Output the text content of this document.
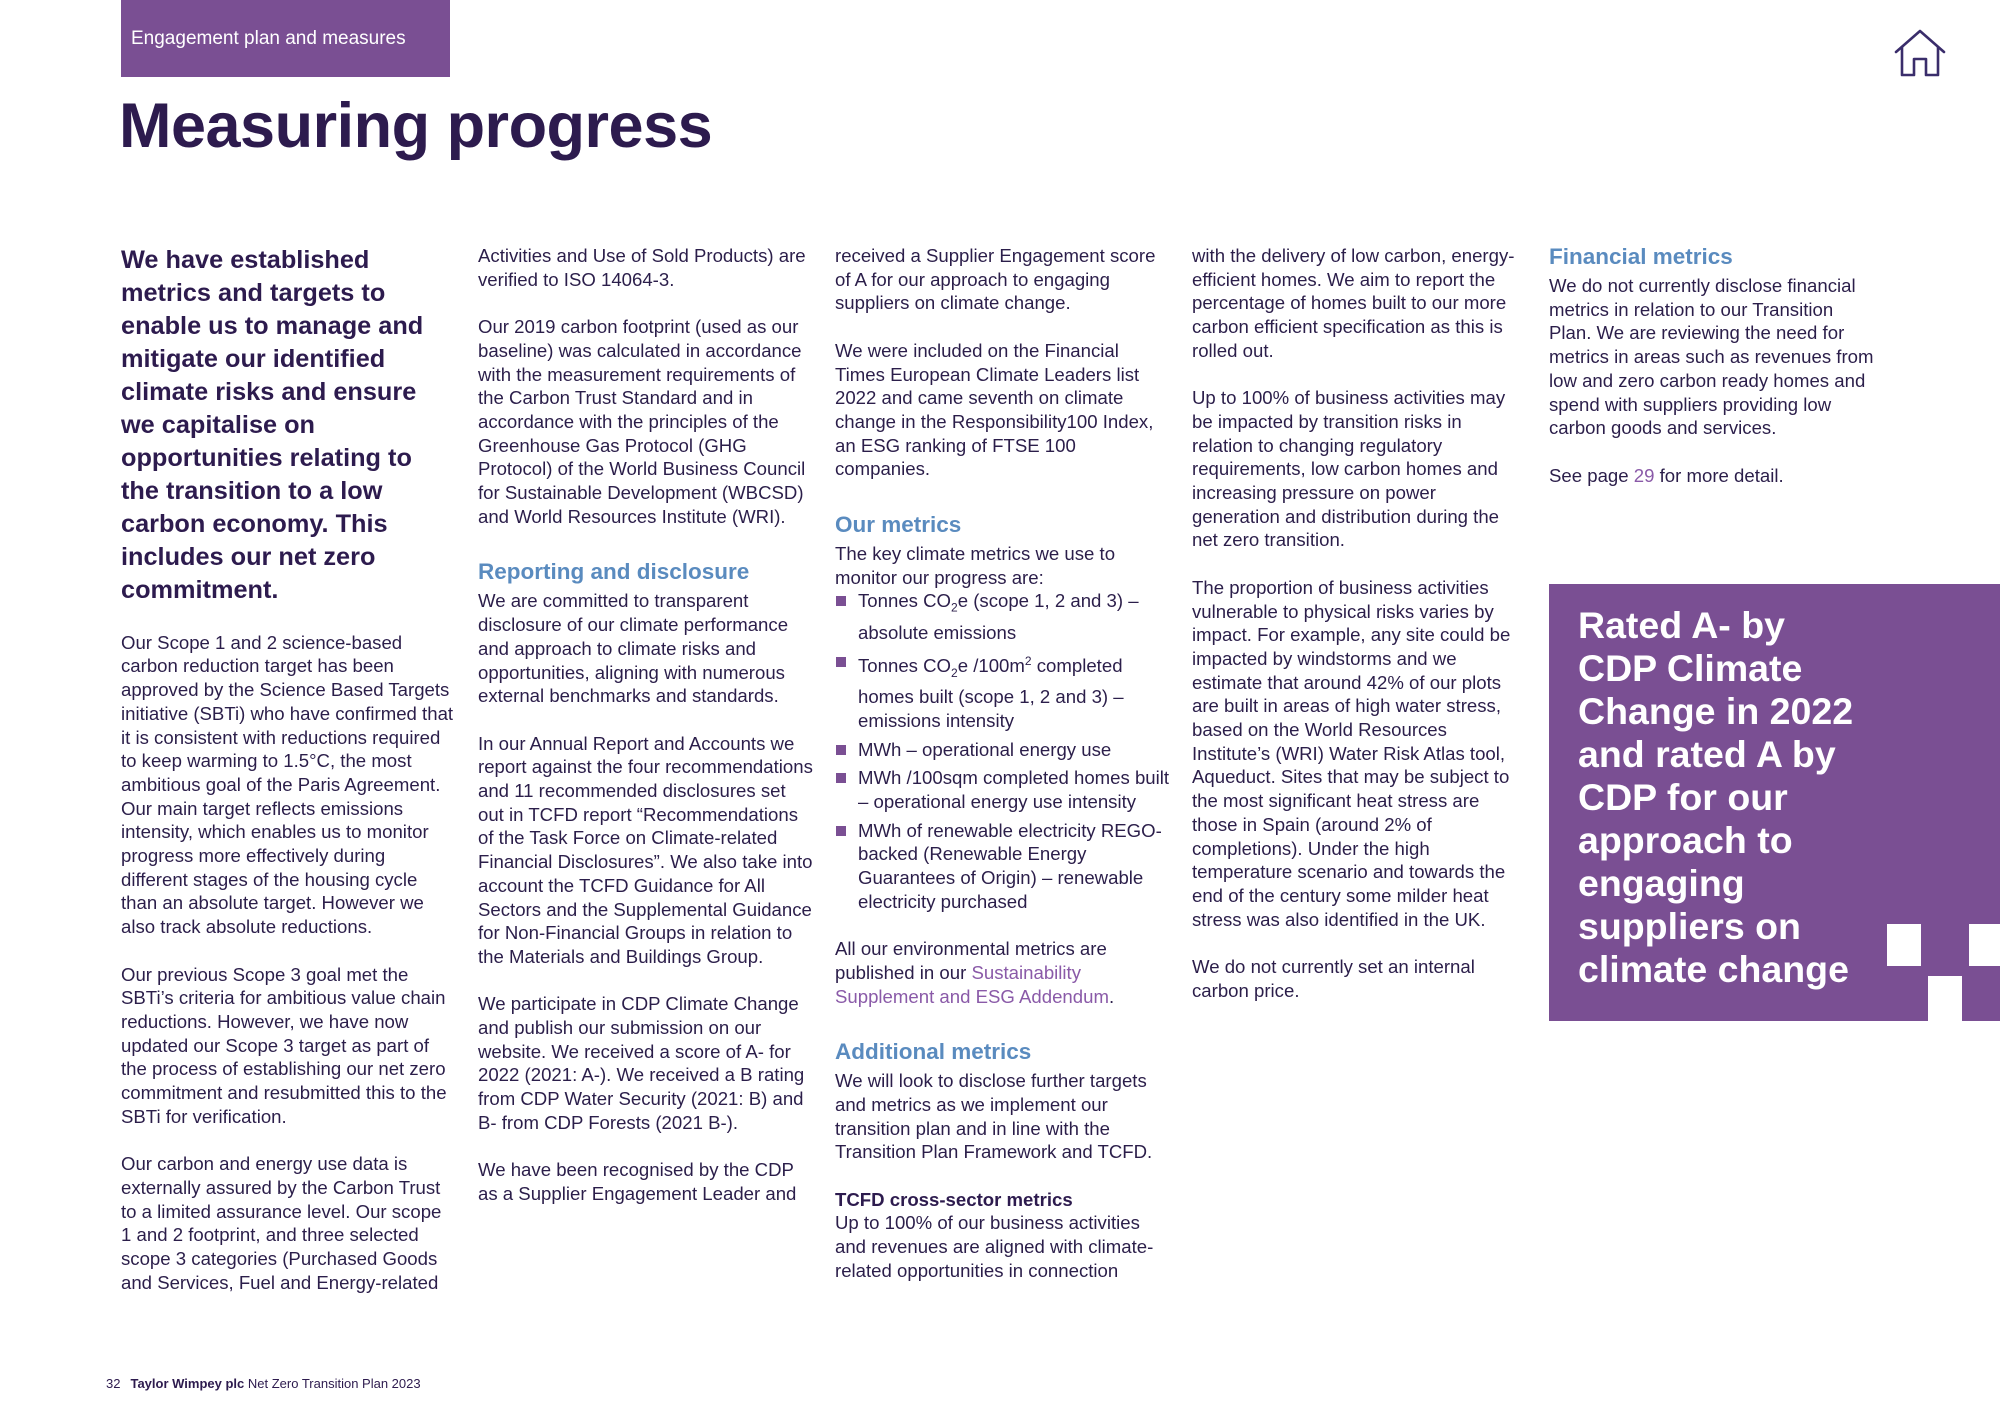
Engagement plan and measures
Measuring progress

We have established metrics and targets to enable us to manage and mitigate our identified climate risks and ensure we capitalise on opportunities relating to the transition to a low carbon economy. This includes our net zero commitment.

Our Scope 1 and 2 science-based carbon reduction target has been approved by the Science Based Targets initiative (SBTi) who have confirmed that it is consistent with reductions required to keep warming to 1.5°C, the most ambitious goal of the Paris Agreement. Our main target reflects emissions intensity, which enables us to monitor progress more effectively during different stages of the housing cycle than an absolute target. However we also track absolute reductions.

Our previous Scope 3 goal met the SBTi’s criteria for ambitious value chain reductions. However, we have now updated our Scope 3 target as part of the process of establishing our net zero commitment and resubmitted this to the SBTi for verification.

Our carbon and energy use data is externally assured by the Carbon Trust to a limited assurance level. Our scope 1 and 2 footprint, and three selected scope 3 categories (Purchased Goods and Services, Fuel and Energy-related

Activities and Use of Sold Products) are verified to ISO 14064-3.

Our 2019 carbon footprint (used as our baseline) was calculated in accordance with the measurement requirements of the Carbon Trust Standard and in accordance with the principles of the Greenhouse Gas Protocol (GHG Protocol) of the World Business Council for Sustainable Development (WBCSD) and World Resources Institute (WRI).

Reporting and disclosure

We are committed to transparent disclosure of our climate performance and approach to climate risks and opportunities, aligning with numerous external benchmarks and standards.

In our Annual Report and Accounts we report against the four recommendations and 11 recommended disclosures set out in TCFD report “Recommendations of the Task Force on Climate-related Financial Disclosures”. We also take into account the TCFD Guidance for All Sectors and the Supplemental Guidance for Non-Financial Groups in relation to the Materials and Buildings Group.

We participate in CDP Climate Change and publish our submission on our website. We received a score of A- for 2022 (2021: A-). We received a B rating from CDP Water Security (2021: B) and B- from CDP Forests (2021 B-).

We have been recognised by the CDP as a Supplier Engagement Leader and

received a Supplier Engagement score of A for our approach to engaging suppliers on climate change.

We were included on the Financial Times European Climate Leaders list 2022 and came seventh on climate change in the Responsibility100 Index, an ESG ranking of FTSE 100 companies.

Our metrics
The key climate metrics we use to monitor our progress are:
Tonnes $CO_2e$ (scope 1, 2 and 3) – absolute emissions
Tonnes $CO_2e$ $/100m^2$ completed homes built (scope 1, 2 and 3) – emissions intensity
MWh – operational energy use
MWh /100sqm completed homes built – operational energy use intensity
MWh of renewable electricity REGO-backed (Renewable Energy Guarantees of Origin) – renewable electricity purchased

All our environmental metrics are published in our Sustainability Supplement and ESG Addendum.

Additional metrics

We will look to disclose further targets and metrics as we implement our transition plan and in line with the Transition Plan Framework and TCFD.

TCFD cross-sector metrics

Up to 100% of our business activities and revenues are aligned with climate-related opportunities in connection

with the delivery of low carbon, energy-efficient homes. We aim to report the percentage of homes built to our more carbon efficient specification as this is rolled out.

Up to 100% of business activities may be impacted by transition risks in relation to changing regulatory requirements, low carbon homes and increasing pressure on power generation and distribution during the net zero transition.

The proportion of business activities vulnerable to physical risks varies by impact. For example, any site could be impacted by windstorms and we estimate that around 42% of our plots are built in areas of high water stress, based on the World Resources Institute’s (WRI) Water Risk Atlas tool, Aqueduct. Sites that may be subject to the most significant heat stress are those in Spain (around 2% of completions). Under the high temperature scenario and towards the end of the century some milder heat stress was also identified in the UK.

We do not currently set an internal carbon price.

Financial metrics

We do not currently disclose financial metrics in relation to our Transition Plan. We are reviewing the need for metrics in areas such as revenues from low and zero carbon ready homes and spend with suppliers providing low carbon goods and services.

See page 29 for more detail.

Rated A- by CDP Climate Change in 2022 and rated A by CDP for our approach to engaging suppliers on climate change

32 Taylor Wimpey plc Net Zero Transition Plan 2023
